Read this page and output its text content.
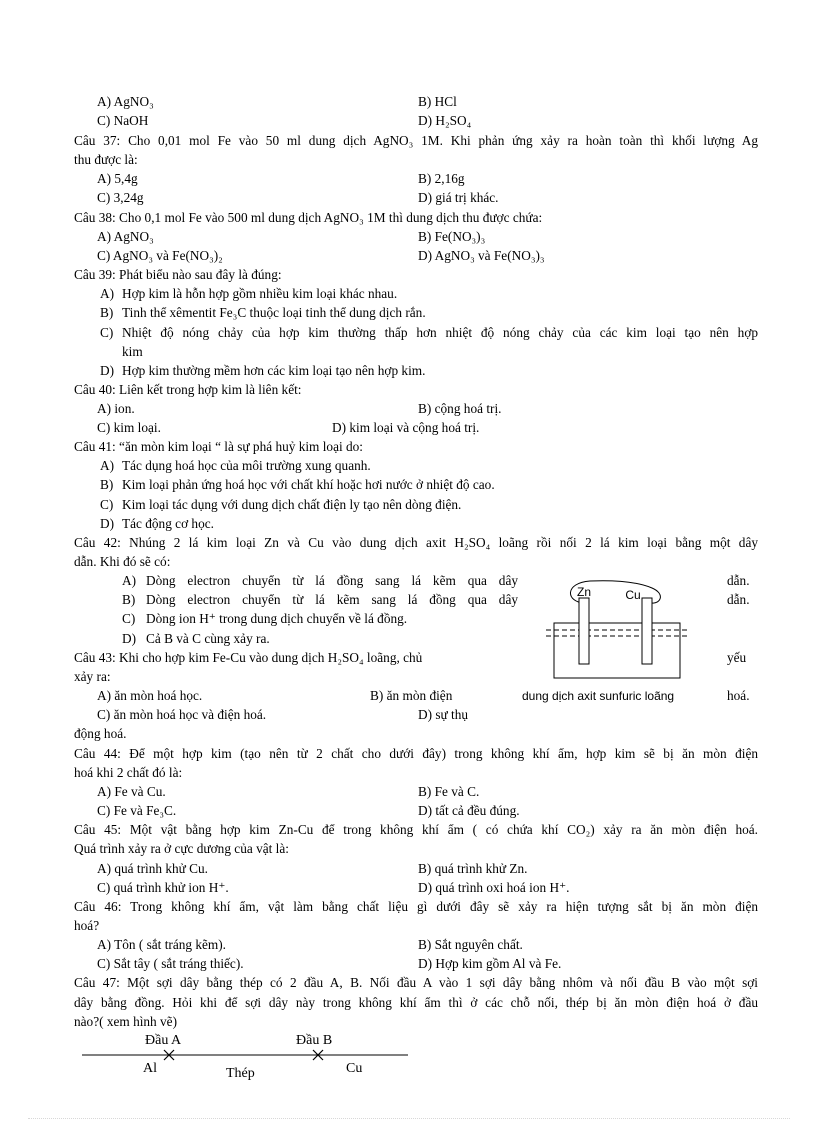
A) AgNO₃	B) HCl
C) NaOH	D) H₂SO₄
Câu 37: Cho 0,01 mol Fe vào 50 ml dung dịch AgNO₃ 1M. Khi phản ứng xảy ra hoàn toàn thì khối lượng Ag
thu được là:
A) 5,4g	B) 2,16g
C) 3,24g	D) giá trị khác.
Câu 38: Cho 0,1 mol Fe vào 500 ml dung dịch AgNO₃ 1M thì dung dịch thu được chứa:
A) AgNO₃	B) Fe(NO₃)₃
C) AgNO₃ và Fe(NO₃)₂	D) AgNO₃ và Fe(NO₃)₃
Câu 39: Phát biểu nào sau đây là đúng:
A) Hợp kim là hỗn hợp gồm nhiều kim loại khác nhau.
B) Tinh thể xêmentit Fe₃C thuộc loại tinh thể dung dịch rắn.
C) Nhiệt độ nóng chảy của hợp kim thường thấp hơn nhiệt độ nóng chảy của các kim loại tạo nên hợp
kim
D) Hợp kim thường mềm hơn các kim loại tạo nên hợp kim.
Câu 40: Liên kết trong hợp kim là liên kết:
A) ion.	B) cộng hoá trị.
C) kim loại.	D) kim loại và cộng hoá trị.
Câu 41: “ăn mòn kim loại “ là sự phá huỷ kim loại do:
A) Tác dụng hoá học của môi trường xung quanh.
B) Kim loại phản ứng hoá học với chất khí hoặc hơi nước ở nhiệt độ cao.
C) Kim loại tác dụng với dung dịch chất điện ly tạo nên dòng điện.
D) Tác động cơ học.
Câu 42: Nhúng 2 lá kim loại Zn và Cu vào dung dịch axit H₂SO₄ loãng rồi nối 2 lá kim loại bằng một dây
dẫn. Khi đó sẽ có:
A) Dòng electron chuyển từ lá đồng sang lá kẽm qua dây	dẫn.
B) Dòng electron chuyển từ lá kẽm sang lá đồng qua dây	dẫn.
C) Dòng ion H⁺ trong dung dịch chuyển về lá đồng.
D) Cả B và C cùng xảy ra.
Zn	Cu
dung dịch axit sunfuric loãng
Câu 43: Khi cho hợp kim Fe-Cu vào dung dịch H₂SO₄ loãng, chủ	yếu
xảy ra:
A) ăn mòn hoá học.	B) ăn mòn điện	hoá.
C) ăn mòn hoá học và điện hoá.	D) sự thụ
động hoá.
Câu 44: Để một hợp kim (tạo nên từ 2 chất cho dưới đây) trong không khí ẩm, hợp kim sẽ bị ăn mòn điện
hoá khi 2 chất đó là:
A) Fe và Cu.	B) Fe và C.
C) Fe và Fe₃C.	D) tất cả đều đúng.
Câu 45: Một vật bằng hợp kim Zn-Cu để trong không khí ẩm ( có chứa khí CO₂) xảy ra ăn mòn điện hoá.
Quá trình xảy ra ở cực dương của vật là:
A) quá trình khử Cu.	B) quá trình khử Zn.
C) quá trình khử ion H⁺.	D) quá trình oxi hoá ion H⁺.
Câu 46: Trong không khí ẩm, vật làm bằng chất liệu gì dưới đây sẽ xảy ra hiện tượng sắt bị ăn mòn điện
hoá?
A) Tôn ( sắt tráng kẽm).	B) Sắt nguyên chất.
C) Sắt tây ( sắt tráng thiếc).	D) Hợp kim gồm Al và Fe.
Câu 47: Một sợi dây bằng thép có 2 đầu A, B. Nối đầu A vào 1 sợi dây bằng nhôm và nối đầu B vào một sợi
dây bằng đồng. Hỏi khi để sợi dây này trong không khí ẩm thì ở các chỗ nối, thép bị ăn mòn điện hoá ở đầu
nào?( xem hình vẽ)
Đầu A	Đầu B
Al	Thép	Cu
